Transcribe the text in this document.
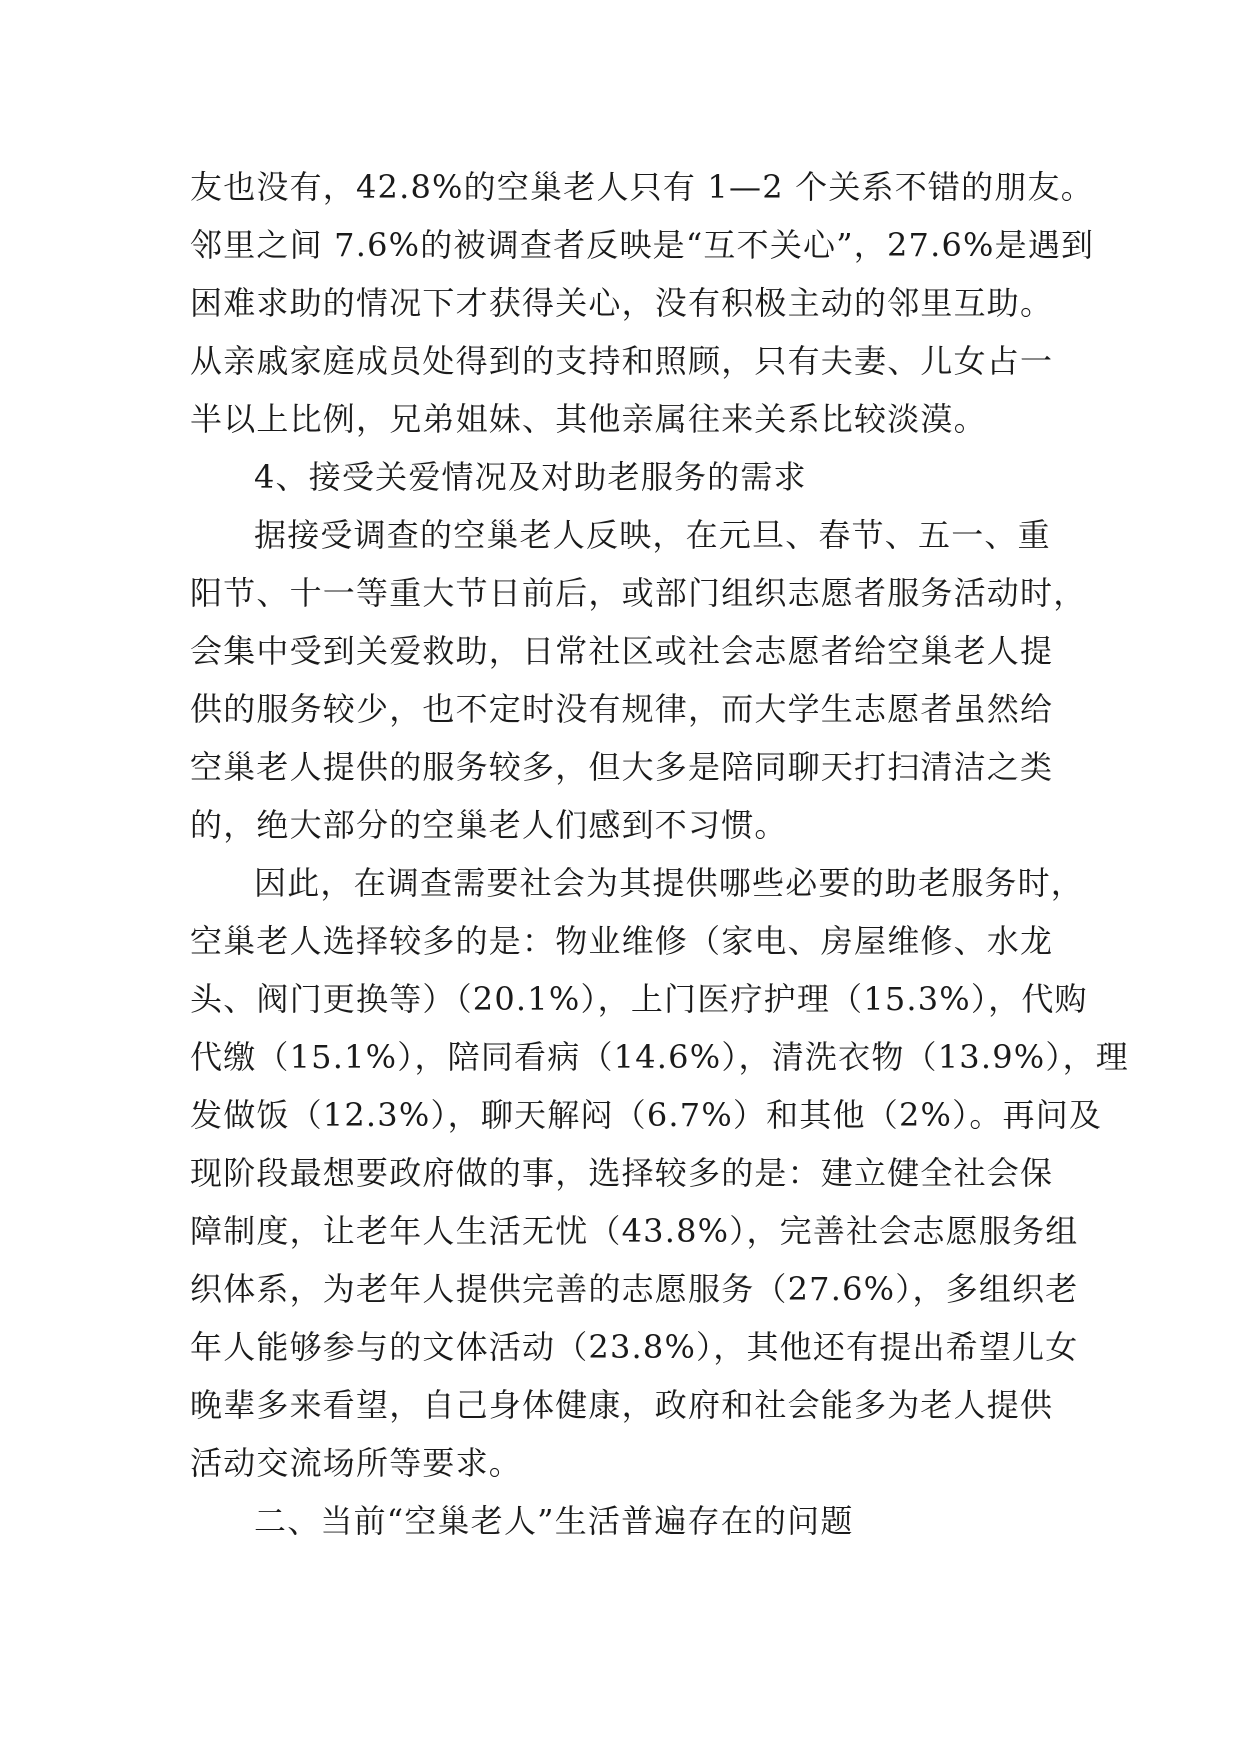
友也没有，42.8%的空巢老人只有 1—2 个关系不错的朋友。
邻里之间 7.6%的被调查者反映是“互不关心”，27.6%是遇到
困难求助的情况下才获得关心，没有积极主动的邻里互助。
从亲戚家庭成员处得到的支持和照顾，只有夫妻、儿女占一
半以上比例，兄弟姐妹、其他亲属往来关系比较淡漠。
4、接受关爱情况及对助老服务的需求
据接受调查的空巢老人反映，在元旦、春节、五一、重
阳节、十一等重大节日前后，或部门组织志愿者服务活动时，
会集中受到关爱救助，日常社区或社会志愿者给空巢老人提
供的服务较少，也不定时没有规律，而大学生志愿者虽然给
空巢老人提供的服务较多，但大多是陪同聊天打扫清洁之类
的，绝大部分的空巢老人们感到不习惯。
因此，在调查需要社会为其提供哪些必要的助老服务时，
空巢老人选择较多的是：物业维修（家电、房屋维修、水龙
头、阀门更换等）（20.1%），上门医疗护理（15.3%），代购
代缴（15.1%），陪同看病（14.6%），清洗衣物（13.9%），理
发做饭（12.3%），聊天解闷（6.7%）和其他（2%）。再问及
现阶段最想要政府做的事，选择较多的是：建立健全社会保
障制度，让老年人生活无忧（43.8%），完善社会志愿服务组
织体系，为老年人提供完善的志愿服务（27.6%），多组织老
年人能够参与的文体活动（23.8%），其他还有提出希望儿女
晚辈多来看望，自己身体健康，政府和社会能多为老人提供
活动交流场所等要求。
二、当前“空巢老人”生活普遍存在的问题
